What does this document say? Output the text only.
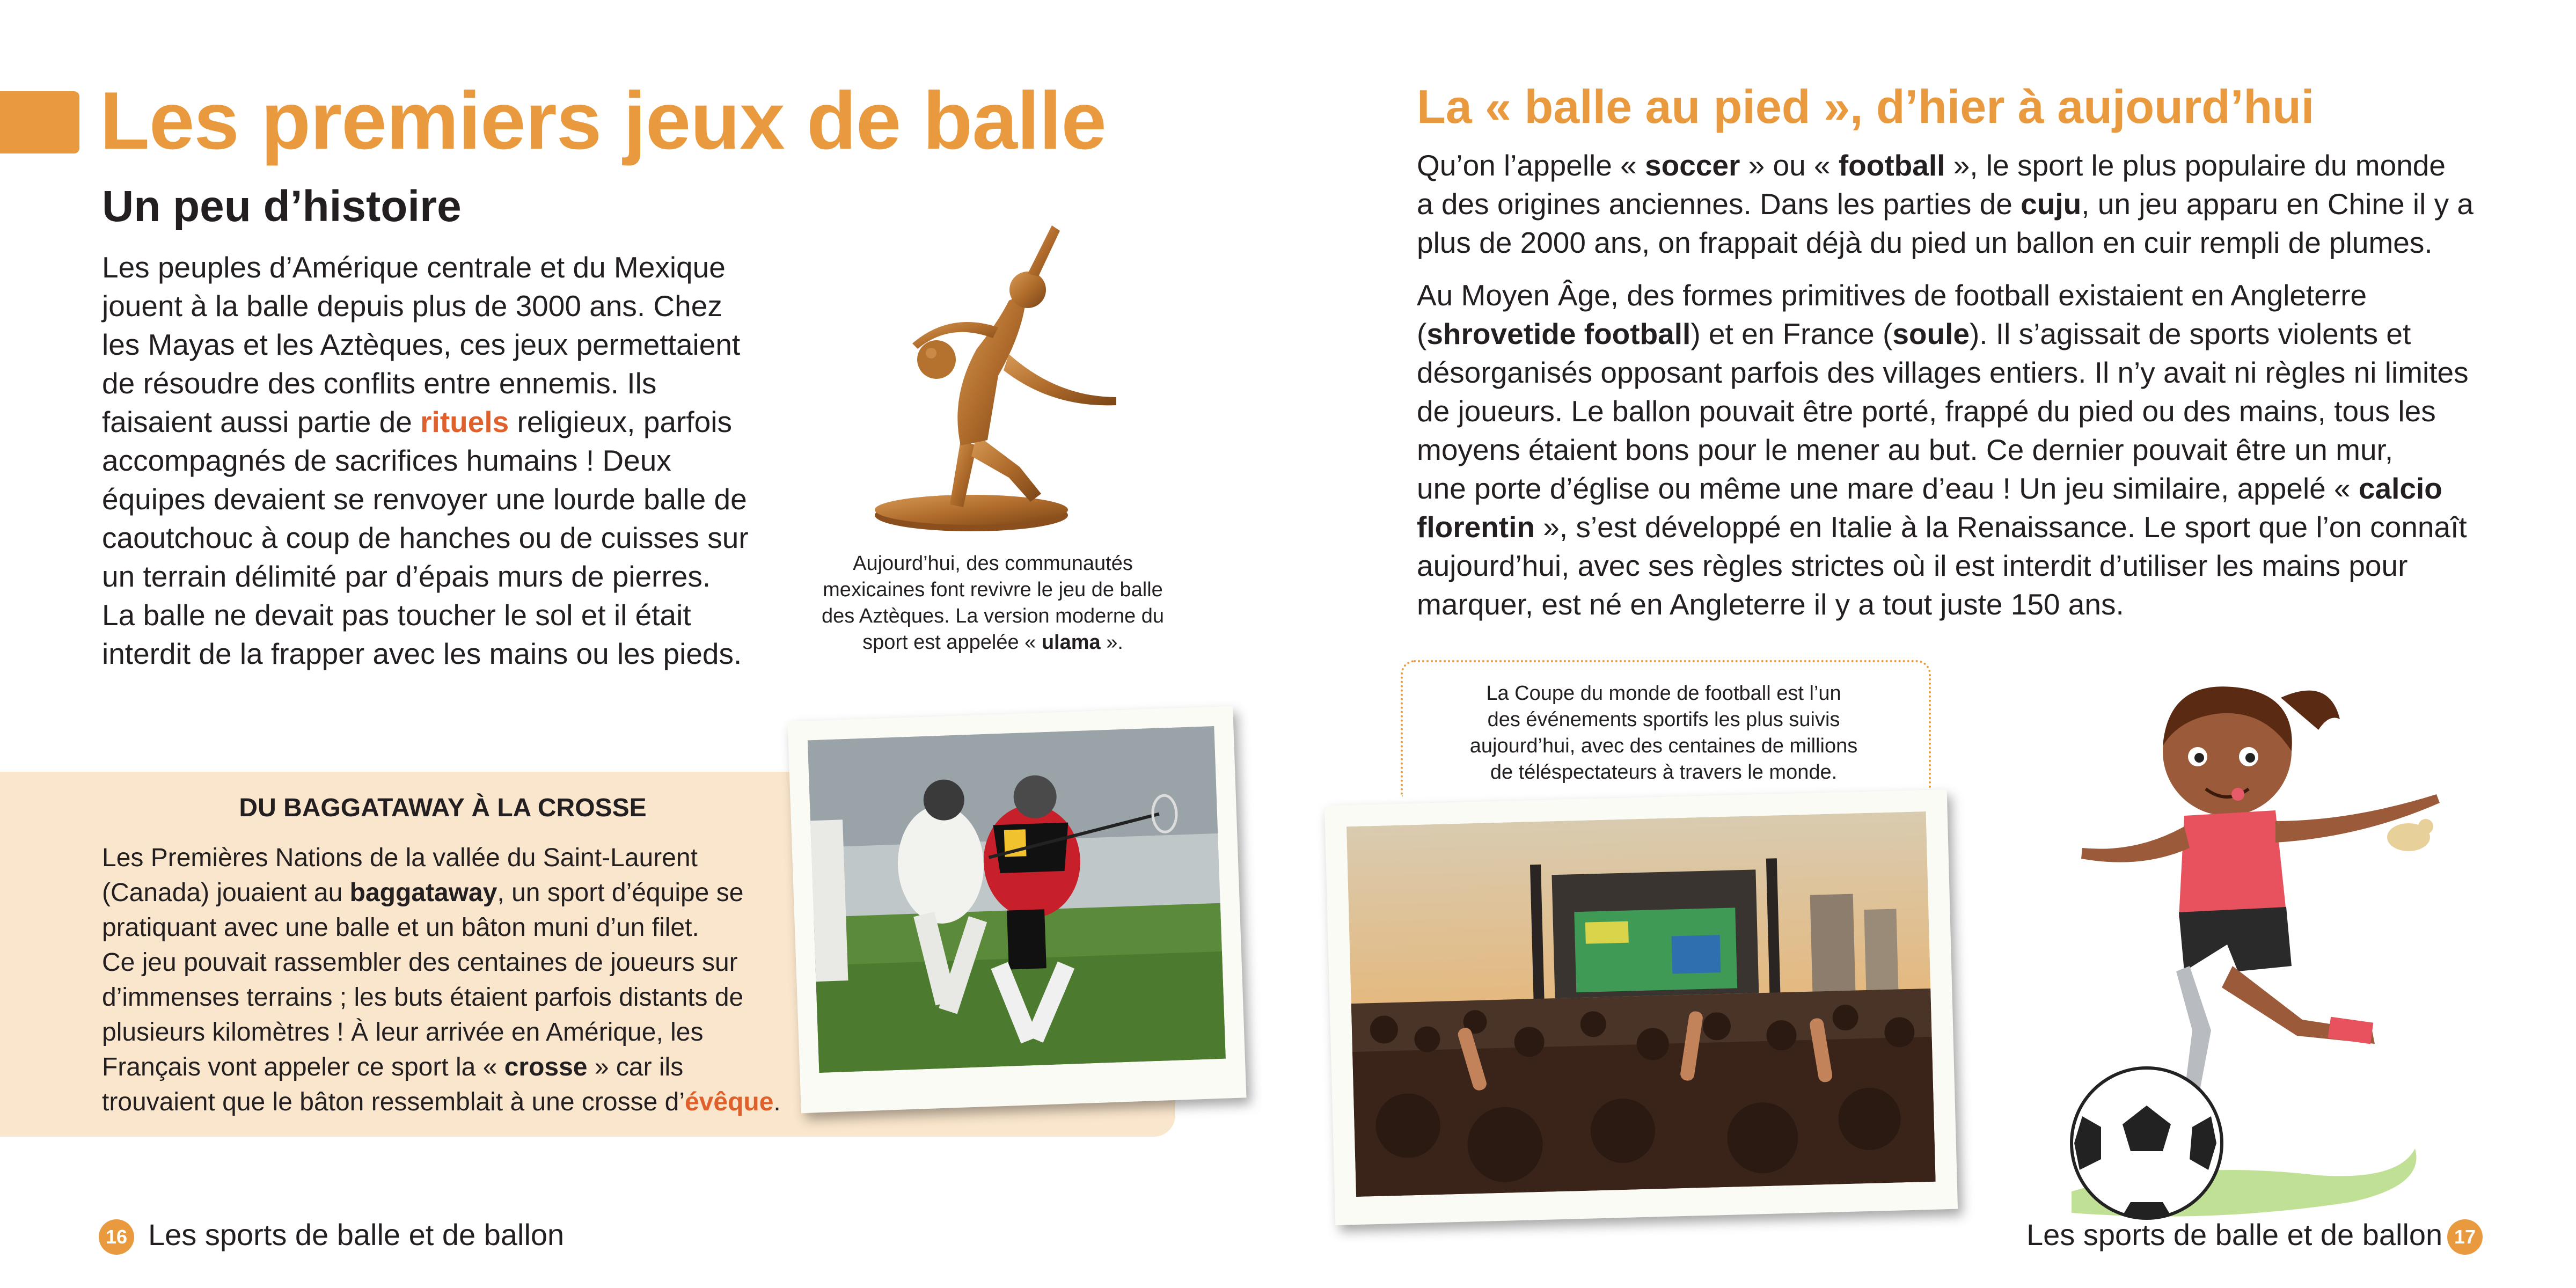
Les premiers jeux de balle
Un peu d’histoire
Les peuples d’Amérique centrale et du Mexique
jouent à la balle depuis plus de 3000 ans. Chez
les Mayas et les Aztèques, ces jeux permettaient
de résoudre des conflits entre ennemis. Ils
faisaient aussi partie de rituels religieux, parfois
accompagnés de sacrifices humains ! Deux
équipes devaient se renvoyer une lourde balle de
caoutchouc à coup de hanches ou de cuisses sur
un terrain délimité par d’épais murs de pierres.
La balle ne devait pas toucher le sol et il était
interdit de la frapper avec les mains ou les pieds.
Aujourd’hui, des communautés
mexicaines font revivre le jeu de balle
des Aztèques. La version moderne du
sport est appelée « ulama ».
DU BAGGATAWAY À LA CROSSE
Les Premières Nations de la vallée du Saint-Laurent
(Canada) jouaient au baggataway, un sport d’équipe se
pratiquant avec une balle et un bâton muni d’un filet.
Ce jeu pouvait rassembler des centaines de joueurs sur
d’immenses terrains ; les buts étaient parfois distants de
plusieurs kilomètres ! À leur arrivée en Amérique, les
Français vont appeler ce sport la « crosse » car ils
trouvaient que le bâton ressemblait à une crosse d’évêque.
16 Les sports de balle et de ballon
La « balle au pied », d’hier à aujourd’hui

Qu’on l’appelle « soccer » ou « football », le sport le plus populaire du monde
a des origines anciennes. Dans les parties de cuju, un jeu apparu en Chine il y a
plus de 2000 ans, on frappait déjà du pied un ballon en cuir rempli de plumes.

Au Moyen Âge, des formes primitives de football existaient en Angleterre
(shrovetide football) et en France (soule). Il s’agissait de sports violents et
désorganisés opposant parfois des villages entiers. Il n’y avait ni règles ni limites
de joueurs. Le ballon pouvait être porté, frappé du pied ou des mains, tous les
moyens étaient bons pour le mener au but. Ce dernier pouvait être un mur,
une porte d’église ou même une mare d’eau ! Un jeu similaire, appelé « calcio
florentin », s’est développé en Italie à la Renaissance. Le sport que l’on connaît
aujourd’hui, avec ses règles strictes où il est interdit d’utiliser les mains pour
marquer, est né en Angleterre il y a tout juste 150 ans.

La Coupe du monde de football est l’un
des événements sportifs les plus suivis
aujourd’hui, avec des centaines de millions
de téléspectateurs à travers le monde.
Les sports de balle et de ballon 17
